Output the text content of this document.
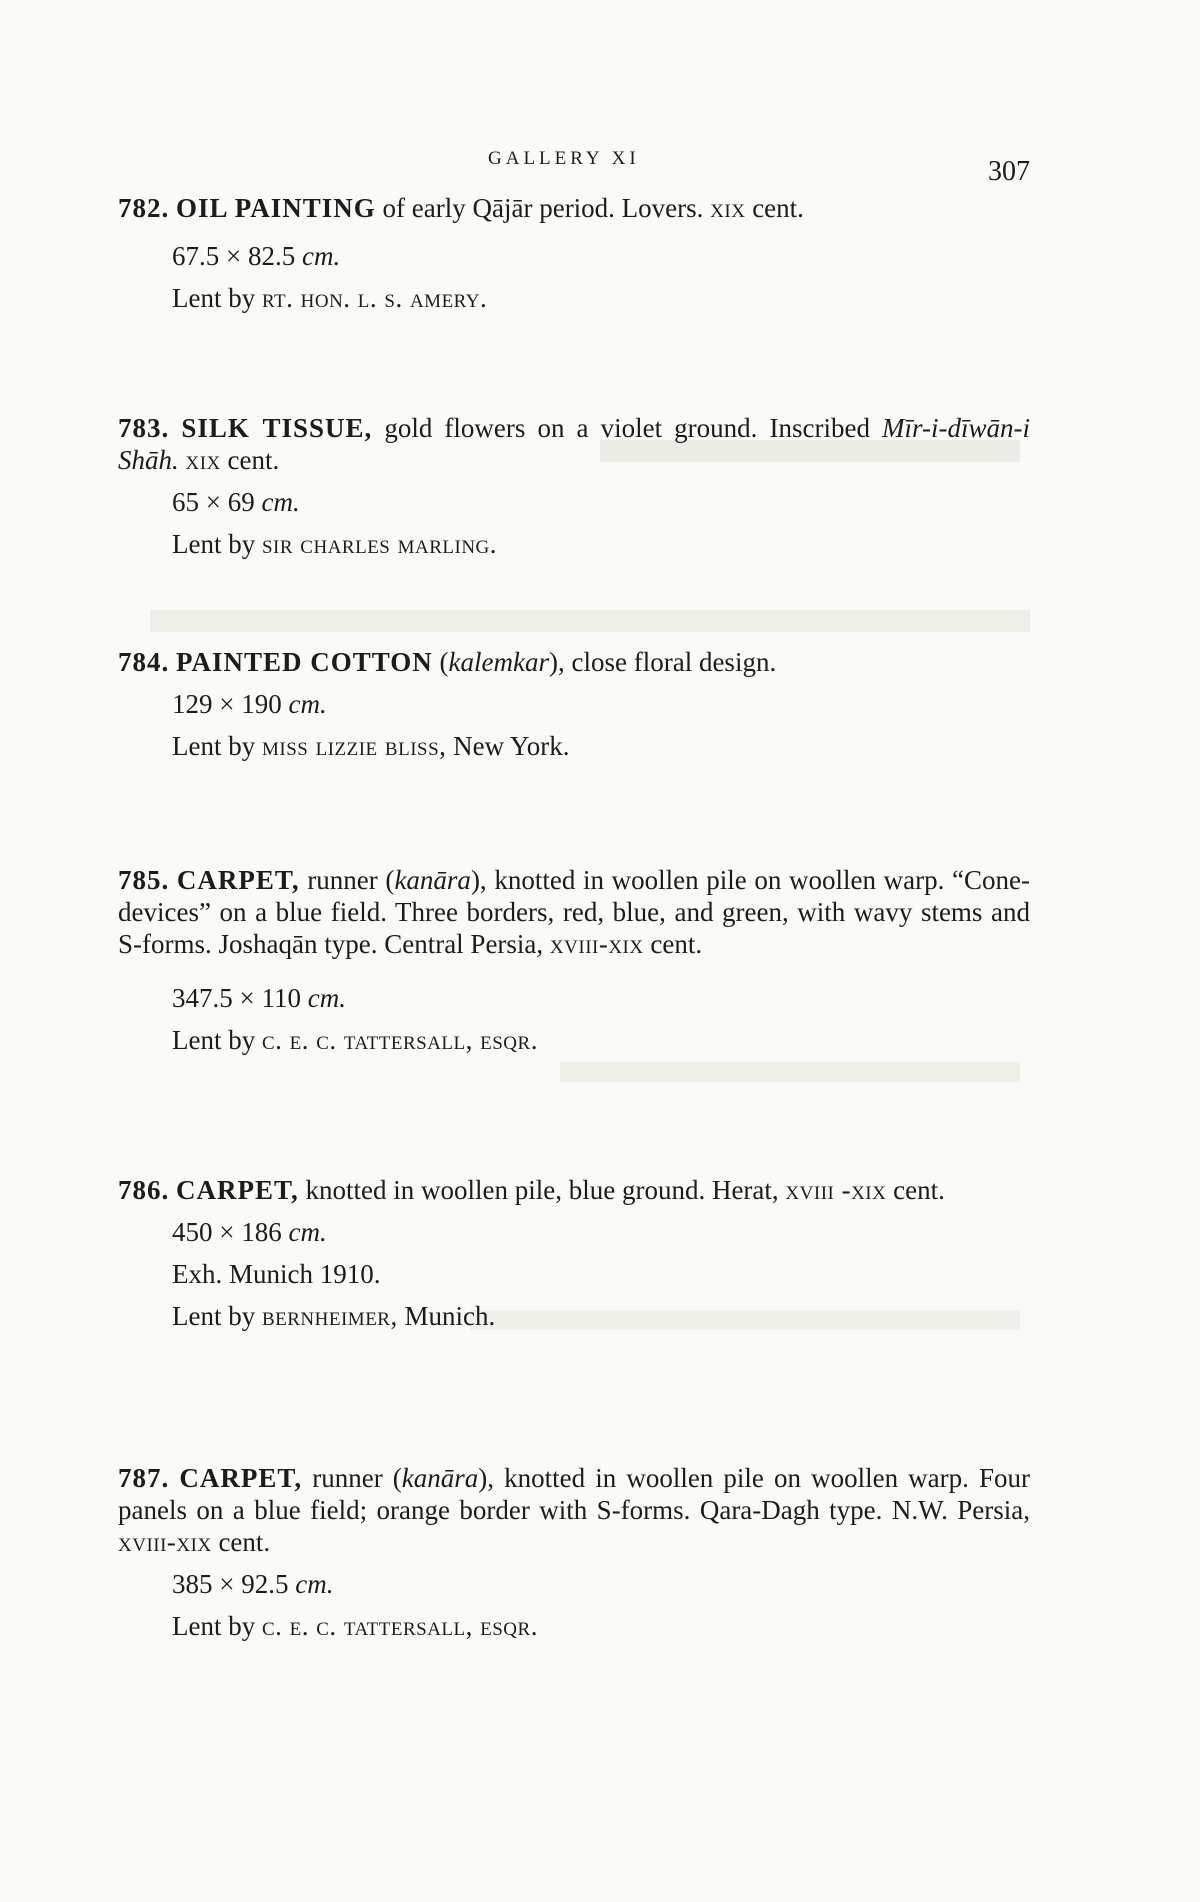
GALLERY XI	307
782. OIL PAINTING of early Qājār period. Lovers. xix cent.
67.5 × 82.5 cm.
Lent by rt. hon. l. s. amery.
783. SILK TISSUE, gold flowers on a violet ground. Inscribed Mīr-i-dīwān-i Shāh. xix cent.
65 × 69 cm.
Lent by sir charles marling.
784. PAINTED COTTON (kalemkar), close floral design.
129 × 190 cm.
Lent by miss lizzie bliss, New York.
785. CARPET, runner (kanāra), knotted in woollen pile on woollen warp. “Cone-devices” on a blue field. Three borders, red, blue, and green, with wavy stems and S-forms. Joshaqān type. Central Persia, xviii-xix cent.
347.5 × 110 cm.
Lent by c. e. c. tattersall, esqr.
786. CARPET, knotted in woollen pile, blue ground. Herat, xviii -xix cent.
450 × 186 cm.
Exh. Munich 1910.
Lent by bernheimer, Munich.
787. CARPET, runner (kanāra), knotted in woollen pile on woollen warp. Four panels on a blue field; orange border with S-forms. Qara-Dagh type. N.W. Persia, xviii-xix cent.
385 × 92.5 cm.
Lent by c. e. c. tattersall, esqr.
